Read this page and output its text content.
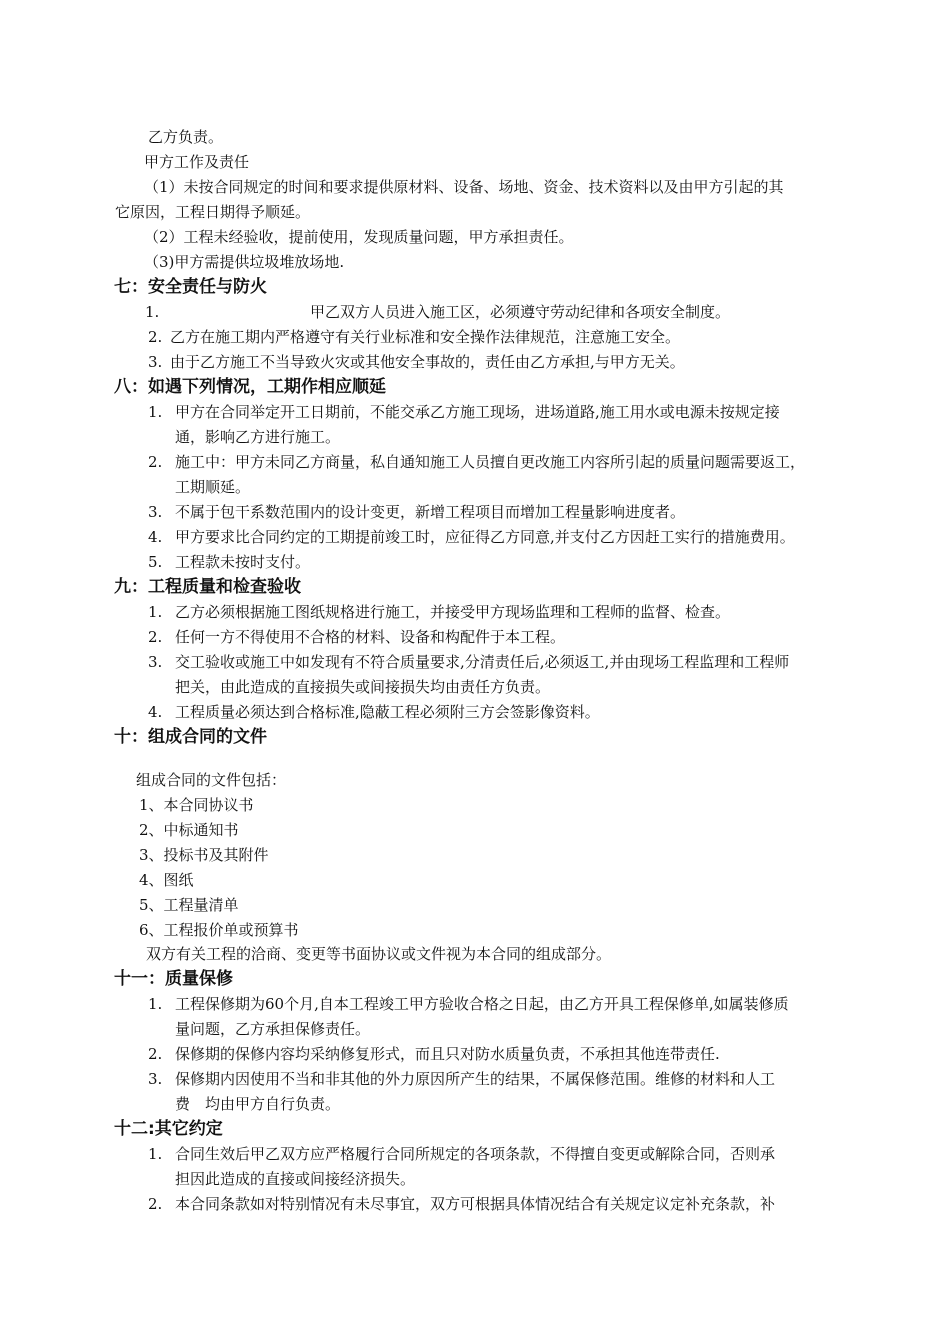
乙方负责。
甲方工作及责任
（1）未按合同规定的时间和要求提供原材料、设备、场地、资金、技术资料以及由甲方引起的其
它原因，工程日期得予顺延。
（2）工程未经验收，提前使用，发现质量问题，甲方承担责任。
（3)甲方需提供垃圾堆放场地.
七：安全责任与防火
1.	甲乙双方人员进入施工区，必须遵守劳动纪律和各项安全制度。
2. 乙方在施工期内严格遵守有关行业标准和安全操作法律规范，注意施工安全。
3. 由于乙方施工不当导致火灾或其他安全事故的，责任由乙方承担,与甲方无关。
八：如遇下列情况，工期作相应顺延
1. 甲方在合同举定开工日期前，不能交承乙方施工现场，进场道路,施工用水或电源未按规定接
通，影响乙方进行施工。
2. 施工中：甲方未同乙方商量，私自通知施工人员擅自更改施工内容所引起的质量问题需要返工，
工期顺延。
3. 不属于包干系数范围内的设计变更，新增工程项目而增加工程量影响进度者。
4. 甲方要求比合同约定的工期提前竣工时，应征得乙方同意,并支付乙方因赶工实行的措施费用。
5. 工程款未按时支付。
九：工程质量和检查验收
1. 乙方必须根据施工图纸规格进行施工，并接受甲方现场监理和工程师的监督、检查。
2. 任何一方不得使用不合格的材料、设备和构配件于本工程。
3. 交工验收或施工中如发现有不符合质量要求,分清责任后,必须返工,并由现场工程监理和工程师
把关，由此造成的直接损失或间接损失均由责任方负责。
4. 工程质量必须达到合格标准,隐蔽工程必须附三方会签影像资料。
十：组成合同的文件
组成合同的文件包括：
1、本合同协议书
2、中标通知书
3、投标书及其附件
4、图纸
5、工程量清单
6、工程报价单或预算书
双方有关工程的洽商、变更等书面协议或文件视为本合同的组成部分。
十一：质量保修
1. 工程保修期为60个月,自本工程竣工甲方验收合格之日起，由乙方开具工程保修单,如属装修质
量问题，乙方承担保修责任。
2. 保修期的保修内容均采纳修复形式，而且只对防水质量负责，不承担其他连带责任.
3. 保修期内因使用不当和非其他的外力原因所产生的结果，不属保修范围。维修的材料和人工
费　均由甲方自行负责。
十二:其它约定
1. 合同生效后甲乙双方应严格履行合同所规定的各项条款，不得擅自变更或解除合同，否则承
担因此造成的直接或间接经济损失。
2. 本合同条款如对特别情况有未尽事宜，双方可根据具体情况结合有关规定议定补充条款，补
